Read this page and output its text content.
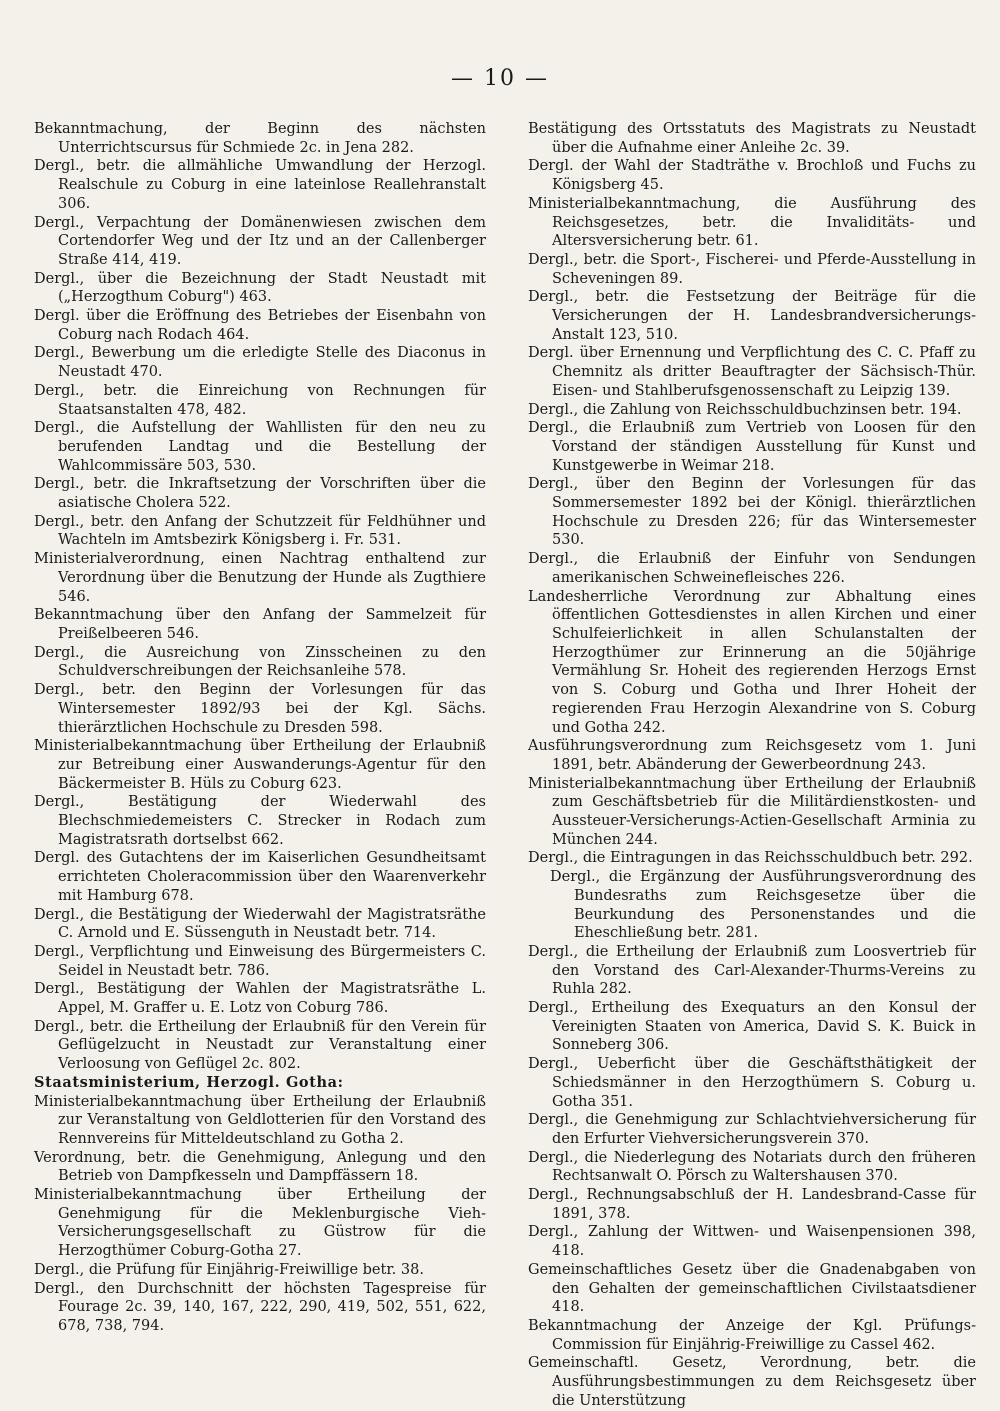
— 10 —

Bekanntmachung, der Beginn des nächsten Unterrichtscursus für Schmiede 2c. in Jena 282.

Dergl., betr. die allmähliche Umwandlung der Herzogl. Realschule zu Coburg in eine lateinlose Reallehranstalt 306.

Dergl., Verpachtung der Domänenwiesen zwischen dem Cortendorfer Weg und der Itz und an der Callenberger Straße 414, 419.

Dergl., über die Bezeichnung der Stadt Neustadt mit („Herzogthum Coburg") 463.

Dergl. über die Eröffnung des Betriebes der Eisenbahn von Coburg nach Rodach 464.

Dergl., Bewerbung um die erledigte Stelle des Diaconus in Neustadt 470.

Dergl., betr. die Einreichung von Rechnungen für Staatsanstalten 478, 482.

Dergl., die Aufstellung der Wahllisten für den neu zu berufenden Landtag und die Bestellung der Wahlcommissäre 503, 530.

Dergl., betr. die Inkraftsetzung der Vorschriften über die asiatische Cholera 522.

Dergl., betr. den Anfang der Schutzzeit für Feldhühner und Wachteln im Amtsbezirk Königsberg i. Fr. 531.

Ministerialverordnung, einen Nachtrag enthaltend zur Verordnung über die Benutzung der Hunde als Zugthiere 546.

Bekanntmachung über den Anfang der Sammelzeit für Preißelbeeren 546.

Dergl., die Ausreichung von Zinsscheinen zu den Schuldverschreibungen der Reichsanleihe 578.

Dergl., betr. den Beginn der Vorlesungen für das Wintersemester 1892/93 bei der Kgl. Sächs. thierärztlichen Hochschule zu Dresden 598.

Ministerialbekanntmachung über Ertheilung der Erlaubniß zur Betreibung einer Auswanderungs-Agentur für den Bäckermeister B. Hüls zu Coburg 623.

Dergl., Bestätigung der Wiederwahl des Blechschmiedemeisters C. Strecker in Rodach zum Magistratsrath dortselbst 662.

Dergl. des Gutachtens der im Kaiserlichen Gesundheitsamt errichteten Choleracommission über den Waarenverkehr mit Hamburg 678.

Dergl., die Bestätigung der Wiederwahl der Magistratsräthe C. Arnold und E. Süssenguth in Neustadt betr. 714.

Dergl., Verpflichtung und Einweisung des Bürgermeisters C. Seidel in Neustadt betr. 786.

Dergl., Bestätigung der Wahlen der Magistratsräthe L. Appel, M. Graffer u. E. Lotz von Coburg 786.

Dergl., betr. die Ertheilung der Erlaubniß für den Verein für Geflügelzucht in Neustadt zur Veranstaltung einer Verloosung von Geflügel 2c. 802.

Staatsministerium, Herzogl. Gotha:

Ministerialbekanntmachung über Ertheilung der Erlaubniß zur Veranstaltung von Geldlotterien für den Vorstand des Rennvereins für Mitteldeutschland zu Gotha 2.

Verordnung, betr. die Genehmigung, Anlegung und den Betrieb von Dampfkesseln und Dampffässern 18.

Ministerialbekanntmachung über Ertheilung der Genehmigung für die Meklenburgische Vieh-Versicherungsgesellschaft zu Güstrow für die Herzogthümer Coburg-Gotha 27.

Dergl., die Prüfung für Einjährig-Freiwillige betr. 38.

Dergl., den Durchschnitt der höchsten Tagespreise für Fourage 2c. 39, 140, 167, 222, 290, 419, 502, 551, 622, 678, 738, 794.

Bestätigung des Ortsstatuts des Magistrats zu Neustadt über die Aufnahme einer Anleihe 2c. 39.

Dergl. der Wahl der Stadträthe v. Brochloß und Fuchs zu Königsberg 45.

Ministerialbekanntmachung, die Ausführung des Reichsgesetzes, betr. die Invaliditäts- und Altersversicherung betr. 61.

Dergl., betr. die Sport-, Fischerei- und Pferde-Ausstellung in Scheveningen 89.

Dergl., betr. die Festsetzung der Beiträge für die Versicherungen der H. Landesbrandversicherungs-Anstalt 123, 510.

Dergl. über Ernennung und Verpflichtung des C. C. Pfaff zu Chemnitz als dritter Beauftragter der Sächsisch-Thür. Eisen- und Stahlberufsgenossenschaft zu Leipzig 139.

Dergl., die Zahlung von Reichsschuldbuchzinsen betr. 194.

Dergl., die Erlaubniß zum Vertrieb von Loosen für den Vorstand der ständigen Ausstellung für Kunst und Kunstgewerbe in Weimar 218.

Dergl., über den Beginn der Vorlesungen für das Sommersemester 1892 bei der Königl. thierärztlichen Hochschule zu Dresden 226; für das Wintersemester 530.

Dergl., die Erlaubniß der Einfuhr von Sendungen amerikanischen Schweinefleisches 226.

Landesherrliche Verordnung zur Abhaltung eines öffentlichen Gottesdienstes in allen Kirchen und einer Schulfeierlichkeit in allen Schulanstalten der Herzogthümer zur Erinnerung an die 50jährige Vermählung Sr. Hoheit des regierenden Herzogs Ernst von S. Coburg und Gotha und Ihrer Hoheit der regierenden Frau Herzogin Alexandrine von S. Coburg und Gotha 242.

Ausführungsverordnung zum Reichsgesetz vom 1. Juni 1891, betr. Abänderung der Gewerbeordnung 243.

Ministerialbekanntmachung über Ertheilung der Erlaubniß zum Geschäftsbetrieb für die Militärdienstkosten- und Aussteuer-Versicherungs-Actien-Gesellschaft Arminia zu München 244.

Dergl., die Eintragungen in das Reichsschuldbuch betr. 292.

Dergl., die Ergänzung der Ausführungsverordnung des Bundesraths zum Reichsgesetze über die Beurkundung des Personenstandes und die Eheschließung betr. 281.

Dergl., die Ertheilung der Erlaubniß zum Loosvertrieb für den Vorstand des Carl-Alexander-Thurms-Vereins zu Ruhla 282.

Dergl., Ertheilung des Exequaturs an den Konsul der Vereinigten Staaten von America, David S. K. Buick in Sonneberg 306.

Dergl., Ueberficht über die Geschäftsthätigkeit der Schiedsmänner in den Herzogthümern S. Coburg u. Gotha 351.

Dergl., die Genehmigung zur Schlachtviehversicherung für den Erfurter Viehversicherungsverein 370.

Dergl., die Niederlegung des Notariats durch den früheren Rechtsanwalt O. Pörsch zu Waltershausen 370.

Dergl., Rechnungsabschluß der H. Landesbrand-Casse für 1891, 378.

Dergl., Zahlung der Wittwen- und Waisenpensionen 398, 418.

Gemeinschaftliches Gesetz über die Gnadenabgaben von den Gehalten der gemeinschaftlichen Civilstaatsdiener 418.

Bekanntmachung der Anzeige der Kgl. Prüfungs-Commission für Einjährig-Freiwillige zu Cassel 462.

Gemeinschaftl. Gesetz, Verordnung, betr. die Ausführungsbestimmungen zu dem Reichsgesetz über die Unterstützung
